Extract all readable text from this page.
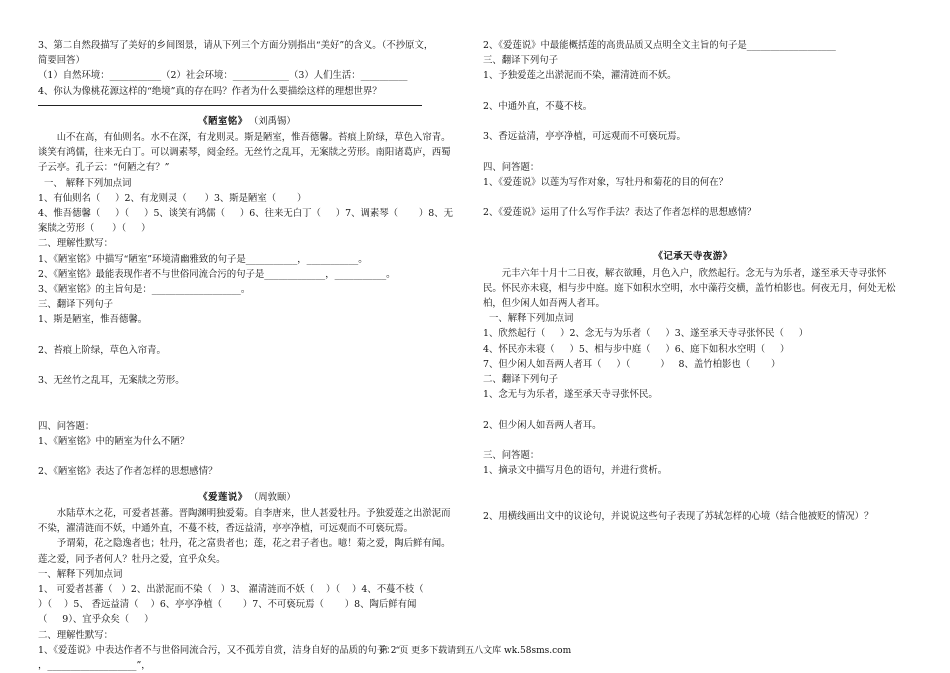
3、第二自然段描写了美好的乡间图景，请从下列三个方面分别指出“美好”的含义。（不抄原文，
简要回答）
（1）自然环境：___________（2）社会环境：____________（3）人们生活：__________
4、你认为像桃花源这样的“绝境”真的存在吗？作者为什么要描绘这样的理想世界？
《陋室铭》 （刘禹锡）
山不在高，有仙则名。水不在深，有龙则灵。斯是陋室，惟吾德馨。苔痕上阶绿，草色入帘青。谈笑有鸿儒，往来无白丁。可以调素琴，阅金经。无丝竹之乱耳，无案牍之劳形。南阳诸葛庐，西蜀子云亭。孔子云：“何陋之有？”
一、 解释下列加点词
1、有仙则名（     ）2、有龙则灵（      ）3、斯是陋室（       ）
4、惟吾德馨（     ）（     ）5、谈笑有鸿儒（     ）6、往来无白丁（     ）7、调素琴（       ）8、无
案牍之劳形（      ）（     ）
二、理解性默写：
1、《陋室铭》中描写“陋室”环境清幽雅致的句子是___________，___________。
2、《陋室铭》最能表现作者不与世俗同流合污的句子是_____________，___________。
3、《陋室铭》的主旨句是：___________________。
三、翻译下列句子
1、斯是陋室，惟吾德馨。

2、苔痕上阶绿，草色入帘青。

3、无丝竹之乱耳，无案牍之劳形。

四、问答题：
1、《陋室铭》中的陋室为什么不陋？

2、《陋室铭》表达了作者怎样的思想感情？
《爱莲说》 （周敦颐）
水陆草木之花，可爱者甚蕃。晋陶渊明独爱菊。自李唐来，世人甚爱牡丹。予独爱莲之出淤泥而不染，濯清涟而不妖，中通外直，不蔓不枝，香远益清，亭亭净植，可远观而不可亵玩焉。
予谓菊，花之隐逸者也；牡丹，花之富贵者也；莲，花之君子者也。噫！菊之爱，陶后鲜有闻。莲之爱，同予者何人？牡丹之爱，宜乎众矣。
一、解释下列加点词
1、 可爱者甚蕃（   ）2、出淤泥而不染（   ）3、 濯清涟而不妖（    ）（    ）4、不蔓不枝（
）（    ）5、 香远益清（    ）6、亭亭净植（       ）7、不可亵玩焉（       ）8、陶后鲜有闻
（     9）、宜乎众矣（     ）
二、理解性默写：
1、《爱莲说》中表达作者不与世俗同流合污，又不孤芳自赏，洁身自好的品质的句子：“
，___________________”，
2、《爱莲说》中最能概括莲的高贵品质又点明全文主旨的句子是___________________
三、翻译下列句子
1、予独爱莲之出淤泥而不染，濯清涟而不妖。

2、中通外直，不蔓不枝。

3、香远益清，亭亭净植，可远观而不可亵玩焉。

四、问答题：
1、《爱莲说》以莲为写作对象，写牡丹和菊花的目的何在？

2、《爱莲说》运用了什么写作手法？表达了作者怎样的思想感情？
《记承天寺夜游》
元丰六年十月十二日夜，解衣欲睡，月色入户，欣然起行。念无与为乐者，遂至承天寺寻张怀民。怀民亦未寝，相与步中庭。庭下如积水空明，水中藻荇交横，盖竹柏影也。何夜无月，何处无松柏，但少闲人如吾两人者耳。
一、解释下列加点词
1、欣然起行（     ）2、念无与为乐者（     ）3、遂至承天寺寻张怀民（     ）
4、怀民亦未寝（     ）5、相与步中庭（     ）6、庭下如积水空明（     ）
7、但少闲人如吾两人者耳（     ）（          ）   8、盖竹柏影也（       ）
二、翻译下列句子
1、念无与为乐者，遂至承天寺寻张怀民。

2、但少闲人如吾两人者耳。

三、问答题：
1、摘录文中描写月色的语句，并进行赏析。

2、用横线画出文中的议论句，并说说这些句子表现了苏轼怎样的心境（结合他被贬的情况）？
第 2 页 更多下载请到五八文库 wk.58sms.com
